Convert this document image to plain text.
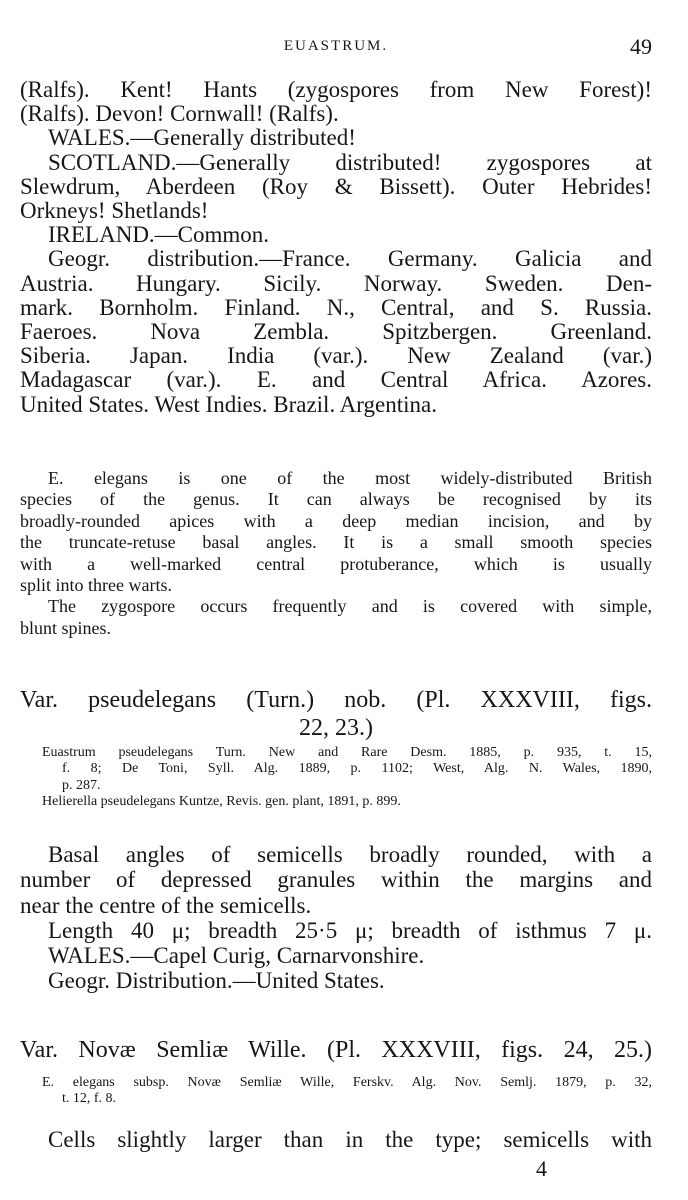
EUASTRUM.	49
(Ralfs). Kent! Hants (zygospores from New Forest)!
(Ralfs). Devon! Cornwall! (Ralfs).
WALES.—Generally distributed!
SCOTLAND.—Generally distributed! zygospores at
Slewdrum, Aberdeen (Roy & Bissett). Outer Hebrides!
Orkneys! Shetlands!
IRELAND.—Common.
Geogr. distribution.—France. Germany. Galicia and
Austria. Hungary. Sicily. Norway. Sweden. Den-
mark. Bornholm. Finland. N., Central, and S. Russia.
Faeroes. Nova Zembla. Spitzbergen. Greenland.
Siberia. Japan. India (var.). New Zealand (var.)
Madagascar (var.). E. and Central Africa. Azores.
United States. West Indies. Brazil. Argentina.
E. elegans is one of the most widely-distributed British
species of the genus. It can always be recognised by its
broadly-rounded apices with a deep median incision, and by
the truncate-retuse basal angles. It is a small smooth species
with a well-marked central protuberance, which is usually
split into three warts.
The zygospore occurs frequently and is covered with simple,
blunt spines.
Var. pseudelegans (Turn.) nob. (Pl. XXXVIII, figs.
22, 23.)
Euastrum pseudelegans Turn. New and Rare Desm. 1885, p. 935, t. 15,
f. 8; De Toni, Syll. Alg. 1889, p. 1102; West, Alg. N. Wales, 1890,
p. 287.
Helierella pseudelegans Kuntze, Revis. gen. plant, 1891, p. 899.
Basal angles of semicells broadly rounded, with a
number of depressed granules within the margins and
near the centre of the semicells.
Length 40 μ; breadth 25·5 μ; breadth of isthmus 7 μ.
WALES.—Capel Curig, Carnarvonshire.
Geogr. Distribution.—United States.
Var. Novæ Semliæ Wille. (Pl. XXXVIII, figs. 24, 25.)
E. elegans subsp. Novæ Semliæ Wille, Ferskv. Alg. Nov. Semlj. 1879, p. 32,
t. 12, f. 8.
Cells slightly larger than in the type; semicells with
4
